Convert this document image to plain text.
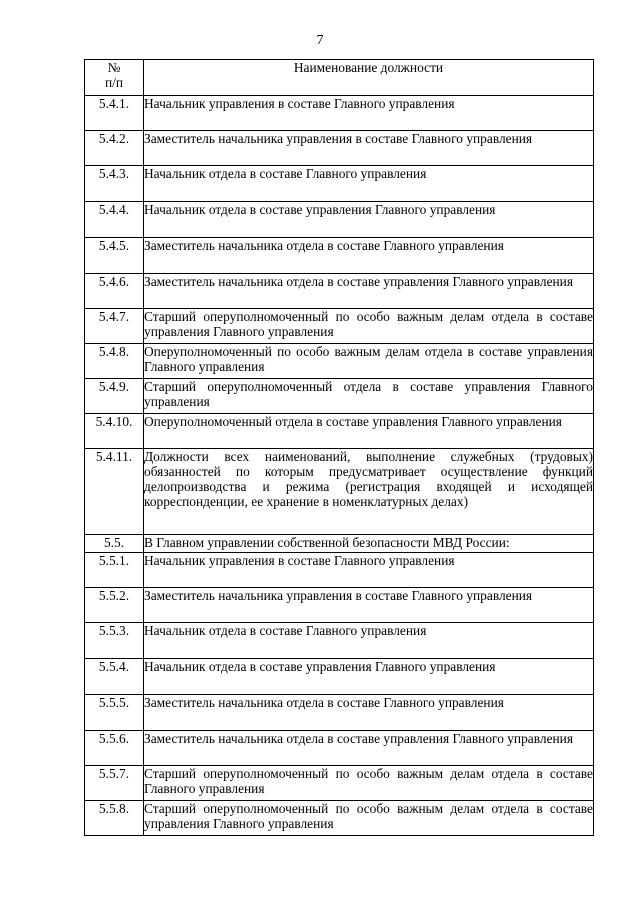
7
№
п/п	Наименование должности
5.4.1.	Начальник управления в составе Главного управления
5.4.2.	Заместитель начальника управления в составе Главного управления
5.4.3.	Начальник отдела в составе Главного управления
5.4.4.	Начальник отдела в составе управления Главного управления
5.4.5.	Заместитель начальника отдела в составе Главного управления
5.4.6.	Заместитель начальника отдела в составе управления Главного управления
5.4.7.	Старший оперуполномоченный по особо важным делам отдела в составе управления Главного управления
5.4.8.	Оперуполномоченный по особо важным делам отдела в составе управления Главного управления
5.4.9.	Старший оперуполномоченный отдела в составе управления Главного управления
5.4.10.	Оперуполномоченный отдела в составе управления Главного управления
5.4.11.	Должности всех наименований, выполнение служебных (трудовых) обязанностей по которым предусматривает осуществление функций делопроизводства и режима (регистрация входящей и исходящей корреспонденции, ее хранение в номенклатурных делах)
5.5.	В Главном управлении собственной безопасности МВД России:
5.5.1.	Начальник управления в составе Главного управления
5.5.2.	Заместитель начальника управления в составе Главного управления
5.5.3.	Начальник отдела в составе Главного управления
5.5.4.	Начальник отдела в составе управления Главного управления
5.5.5.	Заместитель начальника отдела в составе Главного управления
5.5.6.	Заместитель начальника отдела в составе управления Главного управления
5.5.7.	Старший оперуполномоченный по особо важным делам отдела в составе Главного управления
5.5.8.	Старший оперуполномоченный по особо важным делам отдела в составе управления Главного управления
